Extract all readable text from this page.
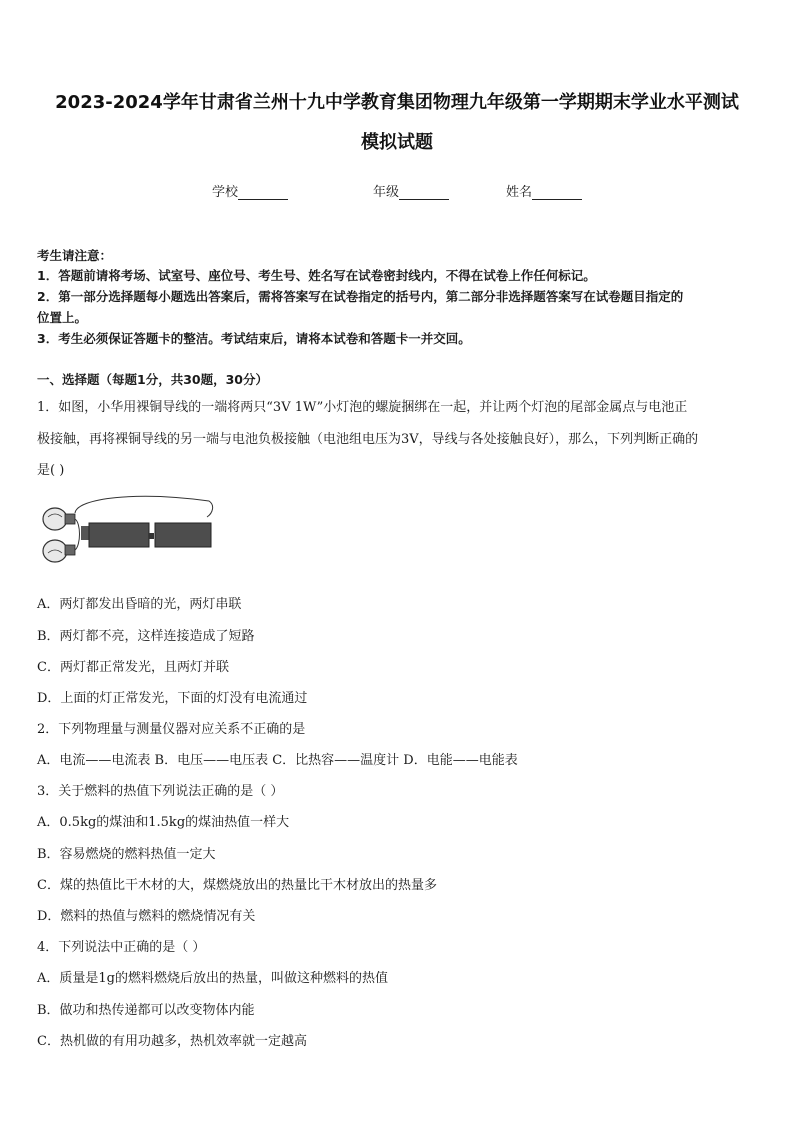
2023-2024学年甘肃省兰州十九中学教育集团物理九年级第一学期期末学业水平测试
模拟试题
学校	年级	姓名
考生请注意：
1．答题前请将考场、试室号、座位号、考生号、姓名写在试卷密封线内，不得在试卷上作任何标记。
2．第一部分选择题每小题选出答案后，需将答案写在试卷指定的括号内，第二部分非选择题答案写在试卷题目指定的
位置上。
3．考生必须保证答题卡的整洁。考试结束后，请将本试卷和答题卡一并交回。
一、选择题（每题1分，共30题，30分）
1．如图，小华用裸铜导线的一端将两只“3V 1W”小灯泡的螺旋捆绑在一起，并让两个灯泡的尾部金属点与电池正
极接触，再将裸铜导线的另一端与电池负极接触（电池组电压为3V，导线与各处接触良好），那么，下列判断正确的
是( )
A．两灯都发出昏暗的光，两灯串联
B．两灯都不亮，这样连接造成了短路
C．两灯都正常发光，且两灯并联
D．上面的灯正常发光，下面的灯没有电流通过
2．下列物理量与测量仪器对应关系不正确的是
A．电流——电流表 B．电压——电压表 C．比热容——温度计 D．电能——电能表
3．关于燃料的热值下列说法正确的是（ ）
A．0.5kg的煤油和1.5kg的煤油热值一样大
B．容易燃烧的燃料热值一定大
C．煤的热值比干木材的大，煤燃烧放出的热量比干木材放出的热量多
D．燃料的热值与燃料的燃烧情况有关
4．下列说法中正确的是（ ）
A．质量是1g的燃料燃烧后放出的热量，叫做这种燃料的热值
B．做功和热传递都可以改变物体内能
C．热机做的有用功越多，热机效率就一定越高
